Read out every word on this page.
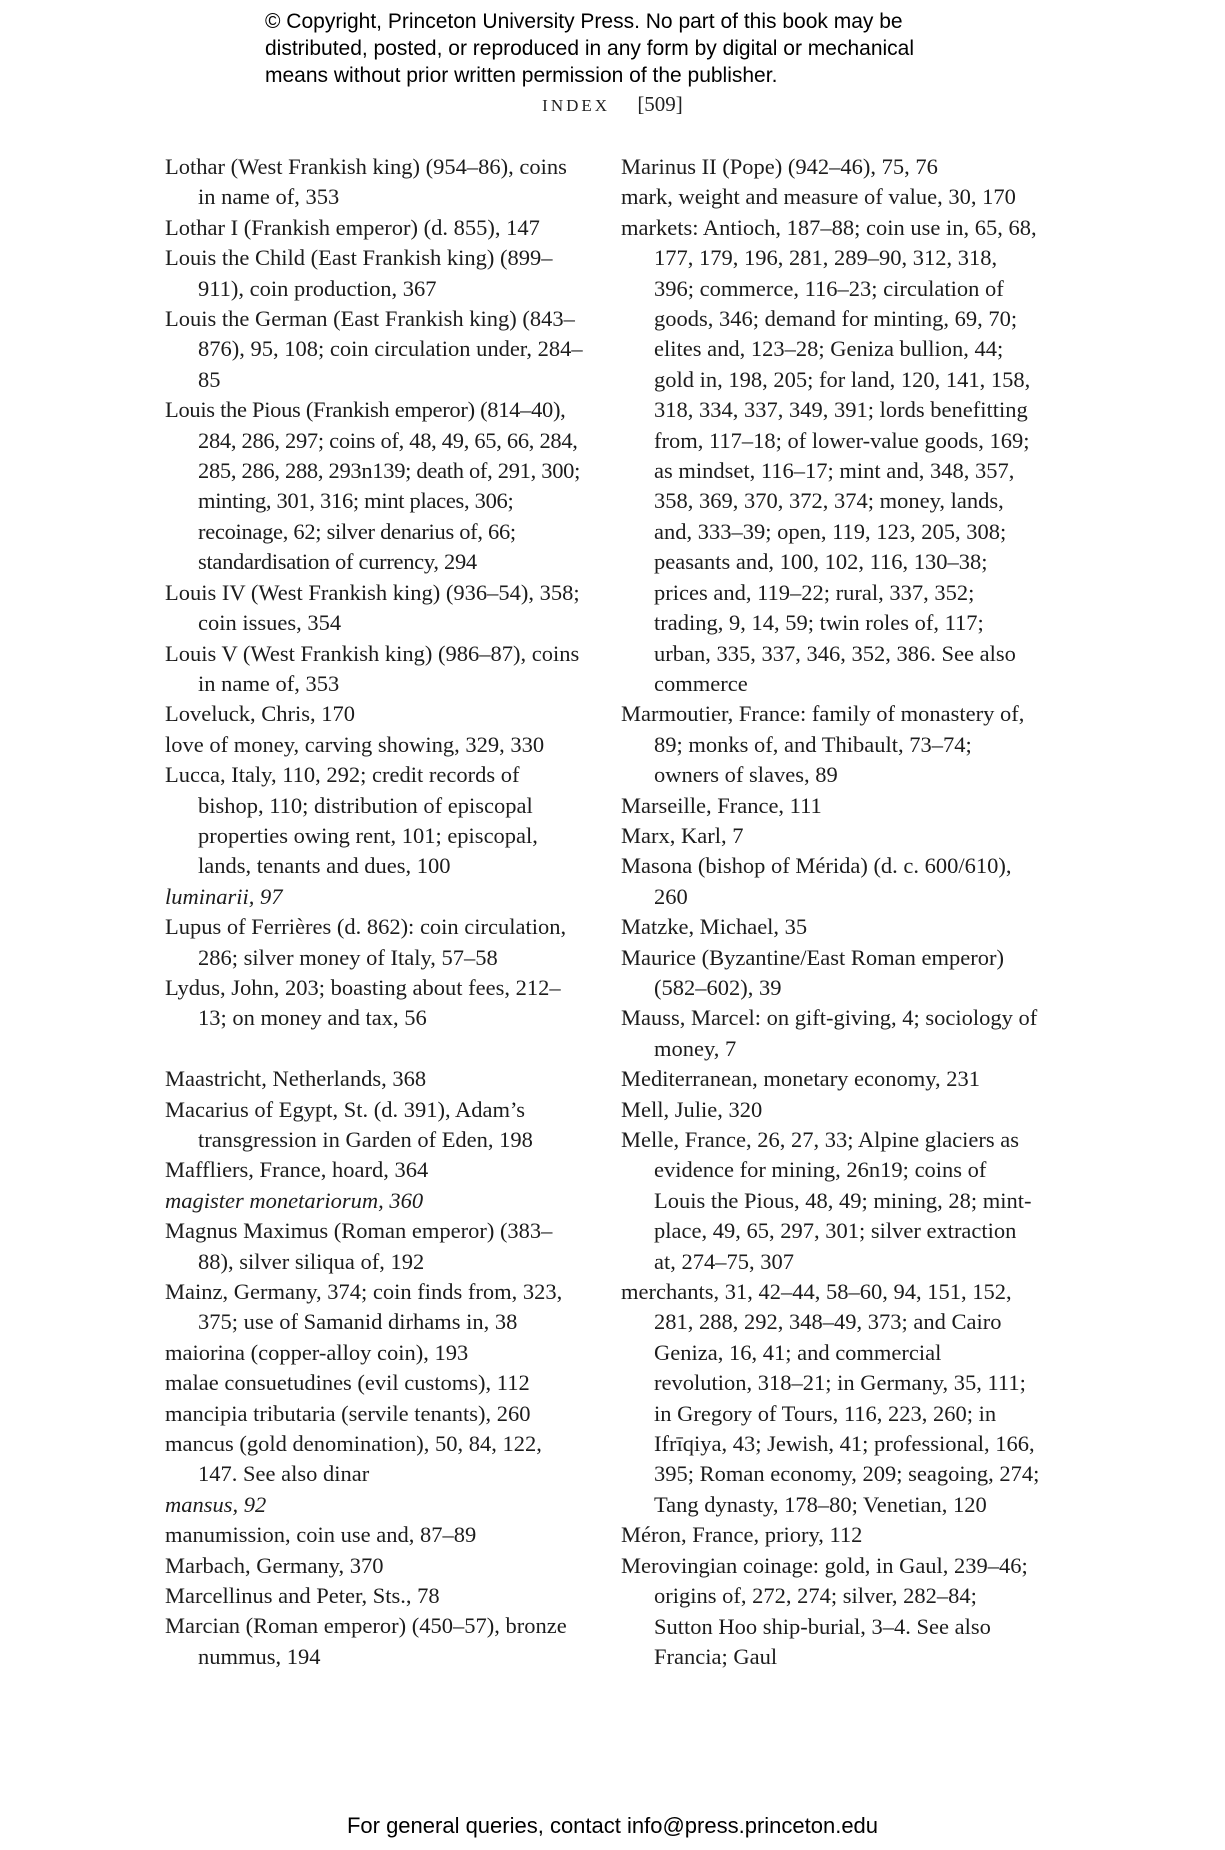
© Copyright, Princeton University Press. No part of this book may be
distributed, posted, or reproduced in any form by digital or mechanical
means without prior written permission of the publisher.
INDEX [509]

Lothar (West Frankish king) (954–86), coins in name of, 353

Lothar I (Frankish emperor) (d. 855), 147

Louis the Child (East Frankish king) (899–911), coin production, 367

Louis the German (East Frankish king) (843–876), 95, 108; coin circulation under, 284–85

Louis the Pious (Frankish emperor) (814–40), 284, 286, 297; coins of, 48, 49, 65, 66, 284, 285, 286, 288, 293n139; death of, 291, 300; minting, 301, 316; mint places, 306; recoinage, 62; silver denarius of, 66; standardisation of currency, 294

Louis IV (West Frankish king) (936–54), 358; coin issues, 354

Louis V (West Frankish king) (986–87), coins in name of, 353

Loveluck, Chris, 170

love of money, carving showing, 329, 330

Lucca, Italy, 110, 292; credit records of bishop, 110; distribution of episcopal properties owing rent, 101; episcopal, lands, tenants and dues, 100

luminarii, 97

Lupus of Ferrières (d. 862): coin circulation, 286; silver money of Italy, 57–58

Lydus, John, 203; boasting about fees, 212–13; on money and tax, 56

Maastricht, Netherlands, 368

Macarius of Egypt, St. (d. 391), Adam’s transgression in Garden of Eden, 198

Maffliers, France, hoard, 364

magister monetariorum, 360

Magnus Maximus (Roman emperor) (383–88), silver siliqua of, 192

Mainz, Germany, 374; coin finds from, 323, 375; use of Samanid dirhams in, 38

maiorina (copper-alloy coin), 193

malae consuetudines (evil customs), 112

mancipia tributaria (servile tenants), 260

mancus (gold denomination), 50, 84, 122, 147. See also dinar

mansus, 92

manumission, coin use and, 87–89

Marbach, Germany, 370

Marcellinus and Peter, Sts., 78

Marcian (Roman emperor) (450–57), bronze nummus, 194

Marinus II (Pope) (942–46), 75, 76

mark, weight and measure of value, 30, 170

markets: Antioch, 187–88; coin use in, 65, 68, 177, 179, 196, 281, 289–90, 312, 318, 396; commerce, 116–23; circulation of goods, 346; demand for minting, 69, 70; elites and, 123–28; Geniza bullion, 44; gold in, 198, 205; for land, 120, 141, 158, 318, 334, 337, 349, 391; lords benefitting from, 117–18; of lower-value goods, 169; as mindset, 116–17; mint and, 348, 357, 358, 369, 370, 372, 374; money, lands, and, 333–39; open, 119, 123, 205, 308; peasants and, 100, 102, 116, 130–38; prices and, 119–22; rural, 337, 352; trading, 9, 14, 59; twin roles of, 117; urban, 335, 337, 346, 352, 386. See also commerce

Marmoutier, France: family of monastery of, 89; monks of, and Thibault, 73–74; owners of slaves, 89

Marseille, France, 111

Marx, Karl, 7

Masona (bishop of Mérida) (d. c. 600/610), 260

Matzke, Michael, 35

Maurice (Byzantine/East Roman emperor) (582–602), 39

Mauss, Marcel: on gift-giving, 4; sociology of money, 7

Mediterranean, monetary economy, 231

Mell, Julie, 320

Melle, France, 26, 27, 33; Alpine glaciers as evidence for mining, 26n19; coins of Louis the Pious, 48, 49; mining, 28; mint-place, 49, 65, 297, 301; silver extraction at, 274–75, 307

merchants, 31, 42–44, 58–60, 94, 151, 152, 281, 288, 292, 348–49, 373; and Cairo Geniza, 16, 41; and commercial revolution, 318–21; in Germany, 35, 111; in Gregory of Tours, 116, 223, 260; in Ifrīqiya, 43; Jewish, 41; professional, 166, 395; Roman economy, 209; seagoing, 274; Tang dynasty, 178–80; Venetian, 120

Méron, France, priory, 112

Merovingian coinage: gold, in Gaul, 239–46; origins of, 272, 274; silver, 282–84; Sutton Hoo ship-burial, 3–4. See also Francia; Gaul

For general queries, contact info@press.princeton.edu
